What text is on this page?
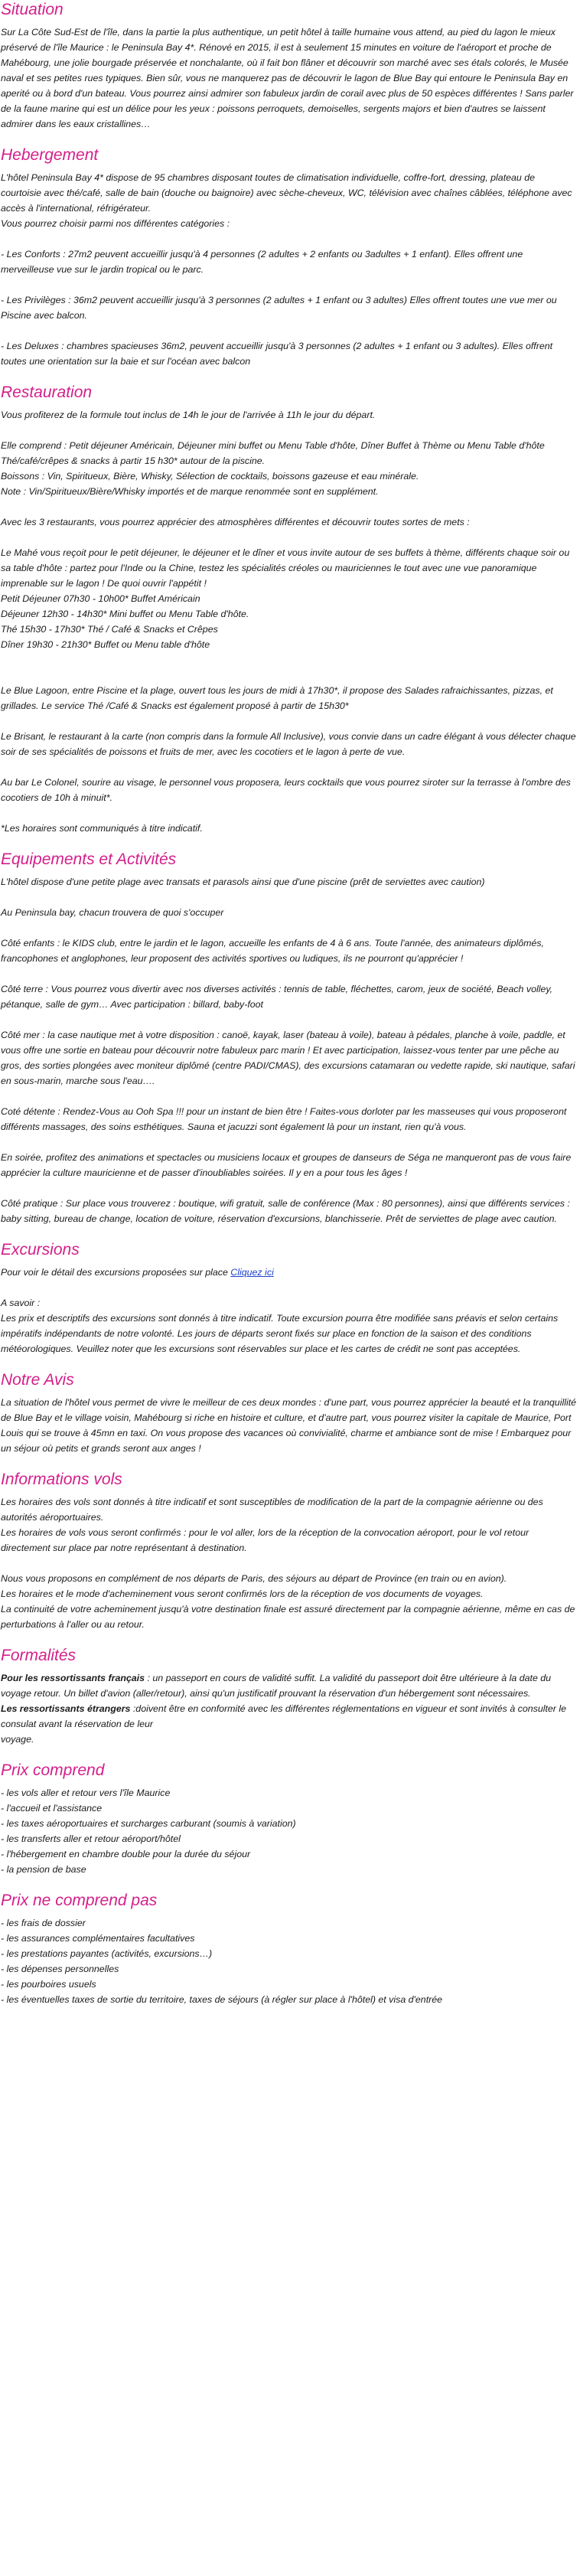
Situation

Sur La Côte Sud-Est de l'île, dans la partie la plus authentique, un petit hôtel à taille humaine vous attend, au pied du lagon le mieux préservé de l'île Maurice : le Peninsula Bay 4*. Rénové en 2015, il est à seulement 15 minutes en voiture de l'aéroport et proche de Mahébourg, une jolie bourgade préservée et nonchalante, où il fait bon flâner et découvrir son marché avec ses étals colorés, le Musée naval et ses petites rues typiques. Bien sûr, vous ne manquerez pas de découvrir le lagon de Blue Bay qui entoure le Peninsula Bay en aperité ou à bord d'un bateau. Vous pourrez ainsi admirer son fabuleux jardin de corail avec plus de 50 espèces différentes ! Sans parler de la faune marine qui est un délice pour les yeux : poissons perroquets, demoiselles, sergents majors et bien d'autres se laissent admirer dans les eaux cristallines…

Hebergement

L'hôtel Peninsula Bay 4* dispose de 95 chambres disposant toutes de climatisation individuelle, coffre-fort, dressing, plateau de courtoisie avec thé/café, salle de bain (douche ou baignoire) avec sèche-cheveux, WC, télévision avec chaînes câblées, téléphone avec accès à l'international, réfrigérateur.
Vous pourrez choisir parmi nos différentes catégories :

- Les Conforts : 27m2 peuvent accueillir jusqu'à 4 personnes (2 adultes + 2 enfants ou 3adultes + 1 enfant). Elles offrent une merveilleuse vue sur le jardin tropical ou le parc.

- Les Privilèges : 36m2 peuvent accueillir jusqu'à 3 personnes (2 adultes + 1 enfant ou 3 adultes) Elles offrent toutes une vue mer ou Piscine avec balcon.

- Les Deluxes : chambres spacieuses 36m2, peuvent accueillir jusqu'à 3 personnes (2 adultes + 1 enfant ou 3 adultes). Elles offrent toutes une orientation sur la baie et sur l'océan avec balcon

Restauration

Vous profiterez de la formule tout inclus de 14h le jour de l'arrivée à 11h le jour du départ.

Elle comprend : Petit déjeuner Américain, Déjeuner mini buffet ou Menu Table d'hôte, Dîner Buffet à Thème ou Menu Table d'hôte
Thé/café/crêpes & snacks à partir 15 h30* autour de la piscine.
Boissons : Vin, Spiritueux, Bière, Whisky, Sélection de cocktails, boissons gazeuse et eau minérale.
Note : Vin/Spiritueux/Bière/Whisky importés et de marque renommée sont en supplément.

Avec les 3 restaurants, vous pourrez apprécier des atmosphères différentes et découvrir toutes sortes de mets :

Le Mahé vous reçoit pour le petit déjeuner, le déjeuner et le dîner et vous invite autour de ses buffets à thème, différents chaque soir ou sa table d'hôte : partez pour l'Inde ou la Chine, testez les spécialités créoles ou mauriciennes le tout avec une vue panoramique imprenable sur le lagon ! De quoi ouvrir l'appétit !
Petit Déjeuner 07h30 - 10h00* Buffet Américain
Déjeuner 12h30 - 14h30* Mini buffet ou Menu Table d'hôte.
Thé 15h30 - 17h30* Thé / Café & Snacks et Crêpes
Dîner 19h30 - 21h30* Buffet ou Menu table d'hôte

Le Blue Lagoon, entre Piscine et la plage, ouvert tous les jours de midi à 17h30*, il propose des Salades rafraichissantes, pizzas, et grillades. Le service Thé /Café & Snacks est également proposé à partir de 15h30*

Le Brisant, le restaurant à la carte (non compris dans la formule All Inclusive), vous convie dans un cadre élégant à vous délecter chaque soir de ses spécialités de poissons et fruits de mer, avec les cocotiers et le lagon à perte de vue.

Au bar Le Colonel, sourire au visage, le personnel vous proposera, leurs cocktails que vous pourrez siroter sur la terrasse à l'ombre des cocotiers de 10h à minuit*.

*Les horaires sont communiqués à titre indicatif.

Equipements et Activités

L'hôtel dispose d'une petite plage avec transats et parasols ainsi que d'une piscine (prêt de serviettes avec caution)

Au Peninsula bay, chacun trouvera de quoi s'occuper

Côté enfants : le KIDS club, entre le jardin et le lagon, accueille les enfants de 4 à 6 ans. Toute l'année, des animateurs diplômés, francophones et anglophones, leur proposent des activités sportives ou ludiques, ils ne pourront qu'apprécier !

Côté terre : Vous pourrez vous divertir avec nos diverses activités : tennis de table, fléchettes, carom, jeux de société, Beach volley, pétanque, salle de gym… Avec participation : billard, baby-foot

Côté mer : la case nautique met à votre disposition : canoë, kayak, laser (bateau à voile), bateau à pédales, planche à voile, paddle, et vous offre une sortie en bateau pour découvrir notre fabuleux parc marin ! Et avec participation, laissez-vous tenter par une pêche au gros, des sorties plongées avec moniteur diplômé (centre PADI/CMAS), des excursions catamaran ou vedette rapide, ski nautique, safari en sous-marin, marche sous l'eau….

Coté détente : Rendez-Vous au Ooh Spa !!! pour un instant de bien être ! Faites-vous dorloter par les masseuses qui vous proposeront différents massages, des soins esthétiques. Sauna et jacuzzi sont également là pour un instant, rien qu'à vous.

En soirée, profitez des animations et spectacles ou musiciens locaux et groupes de danseurs de Séga ne manqueront pas de vous faire apprécier la culture mauricienne et de passer d'inoubliables soirées. Il y en a pour tous les âges !

Côté pratique : Sur place vous trouverez : boutique, wifi gratuit, salle de conférence (Max : 80 personnes), ainsi que différents services : baby sitting, bureau de change, location de voiture, réservation d'excursions, blanchisserie. Prêt de serviettes de plage avec caution.

Excursions

Pour voir le détail des excursions proposées sur place Cliquez ici

A savoir :
Les prix et descriptifs des excursions sont donnés à titre indicatif. Toute excursion pourra être modifiée sans préavis et selon certains impératifs indépendants de notre volonté. Les jours de départs seront fixés sur place en fonction de la saison et des conditions météorologiques. Veuillez noter que les excursions sont réservables sur place et les cartes de crédit ne sont pas acceptées.

Notre Avis

La situation de l'hôtel vous permet de vivre le meilleur de ces deux mondes : d'une part, vous pourrez apprécier la beauté et la tranquillité de Blue Bay et le village voisin, Mahébourg si riche en histoire et culture, et d'autre part, vous pourrez visiter la capitale de Maurice, Port Louis qui se trouve à 45mn en taxi. On vous propose des vacances où convivialité, charme et ambiance sont de mise ! Embarquez pour un séjour où petits et grands seront aux anges !

Informations vols

Les horaires des vols sont donnés à titre indicatif et sont susceptibles de modification de la part de la compagnie aérienne ou des autorités aéroportuaires.
Les horaires de vols vous seront confirmés : pour le vol aller, lors de la réception de la convocation aéroport, pour le vol retour directement sur place par notre représentant à destination.

Nous vous proposons en complément de nos départs de Paris, des séjours au départ de Province (en train ou en avion).
Les horaires et le mode d'acheminement vous seront confirmés lors de la réception de vos documents de voyages.
La continuité de votre acheminement jusqu'à votre destination finale est assuré directement par la compagnie aérienne, même en cas de perturbations à l'aller ou au retour.

Formalités

Pour les ressortissants français : un passeport en cours de validité suffit. La validité du passeport doit être ultérieure à la date du voyage retour. Un billet d'avion (aller/retour), ainsi qu'un justificatif prouvant la réservation d'un hébergement sont nécessaires.

Les ressortissants étrangers :doivent être en conformité avec les différentes réglementations en vigueur et sont invités à consulter le consulat avant la réservation de leur
voyage.

Prix comprend
- les vols aller et retour vers l'île Maurice
- l'accueil et l'assistance
- les taxes aéroportuaires et surcharges carburant (soumis à variation)
- les transferts aller et retour aéroport/hôtel
- l'hébergement en chambre double pour la durée du séjour
- la pension de base
Prix ne comprend pas
- les frais de dossier
- les assurances complémentaires facultatives
- les prestations payantes (activités, excursions…)
- les dépenses personnelles
- les pourboires usuels
- les éventuelles taxes de sortie du territoire, taxes de séjours (à régler sur place à l'hôtel) et visa d'entrée
